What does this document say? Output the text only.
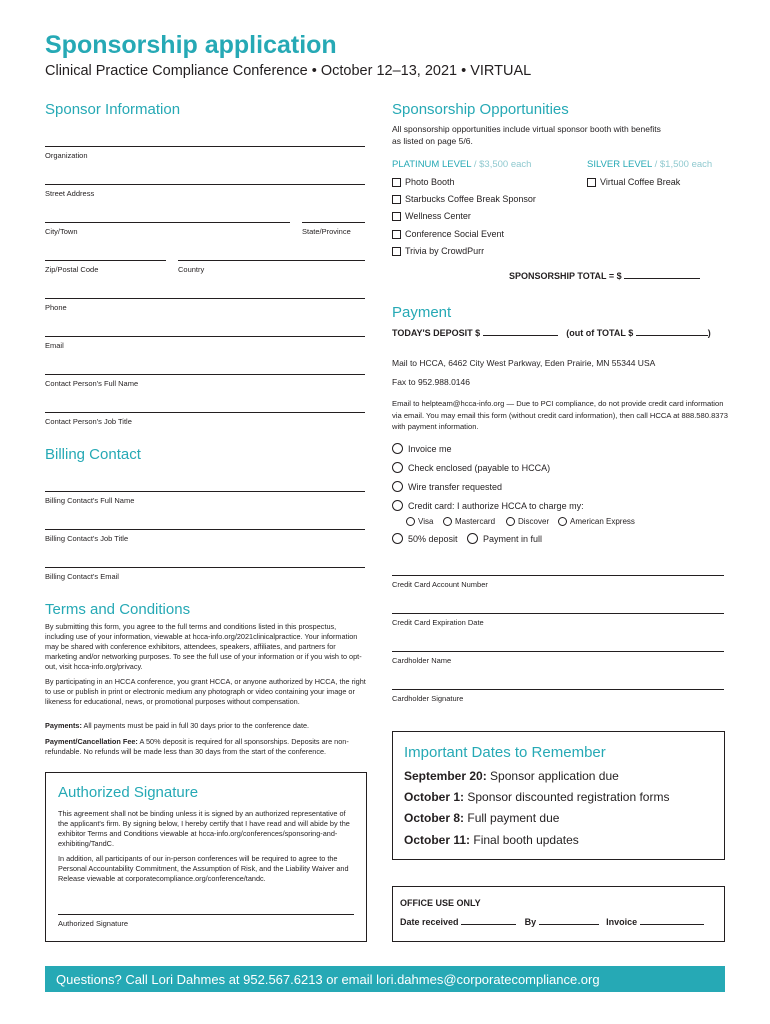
Sponsorship application
Clinical Practice Compliance Conference • October 12–13, 2021 • VIRTUAL
Sponsor Information
Organization
Street Address
City/Town	State/Province
Zip/Postal Code	Country
Phone
Email
Contact Person's Full Name
Contact Person's Job Title
Billing Contact
Billing Contact's Full Name
Billing Contact's Job Title
Billing Contact's Email
Terms and Conditions
By submitting this form, you agree to the full terms and conditions listed in this prospectus, including use of your information, viewable at hcca-info.org/2021clinicalpractice. Your information may be shared with conference exhibitors, attendees, speakers, affiliates, and partners for marketing and/or networking purposes. To see the full use of your information or if you wish to opt-out, visit hcca-info.org/privacy.
By participating in an HCCA conference, you grant HCCA, or anyone authorized by HCCA, the right to use or publish in print or electronic medium any photograph or video containing your image or likeness for educational, news, or promotional purposes without compensation.
Payments: All payments must be paid in full 30 days prior to the conference date.
Payment/Cancellation Fee: A 50% deposit is required for all sponsorships. Deposits are non-refundable. No refunds will be made less than 30 days from the start of the conference.
Authorized Signature
This agreement shall not be binding unless it is signed by an authorized representative of the applicant's firm. By signing below, I hereby certify that I have read and will abide by the exhibitor Terms and Conditions viewable at hcca-info.org/conferences/sponsoring-and-exhibiting/TandC.
In addition, all participants of our in-person conferences will be required to agree to the Personal Accountability Commitment, the Assumption of Risk, and the Liability Waiver and Release viewable at corporatecompliance.org/conference/tandc.
Authorized Signature
Sponsorship Opportunities
All sponsorship opportunities include virtual sponsor booth with benefits as listed on page 5/6.
PLATINUM LEVEL / $3,500 each	SILVER LEVEL / $1,500 each
Photo Booth
Starbucks Coffee Break Sponsor
Wellness Center
Conference Social Event
Trivia by CrowdPurr
Virtual Coffee Break
SPONSORSHIP TOTAL = $
Payment
TODAY'S DEPOSIT $	(out of TOTAL $	)
Mail to HCCA, 6462 City West Parkway, Eden Prairie, MN 55344 USA
Fax to 952.988.0146
Email to helpteam@hcca-info.org — Due to PCI compliance, do not provide credit card information via email. You may email this form (without credit card information), then call HCCA at 888.580.8373 with payment information.
Invoice me
Check enclosed (payable to HCCA)
Wire transfer requested
Credit card: I authorize HCCA to charge my:
Visa	Mastercard	Discover	American Express
50% deposit	Payment in full
Credit Card Account Number
Credit Card Expiration Date
Cardholder Name
Cardholder Signature
Important Dates to Remember
September 20: Sponsor application due
October 1: Sponsor discounted registration forms
October 8: Full payment due
October 11: Final booth updates
OFFICE USE ONLY
Date received	By	Invoice
Questions? Call Lori Dahmes at 952.567.6213 or email lori.dahmes@corporatecompliance.org
